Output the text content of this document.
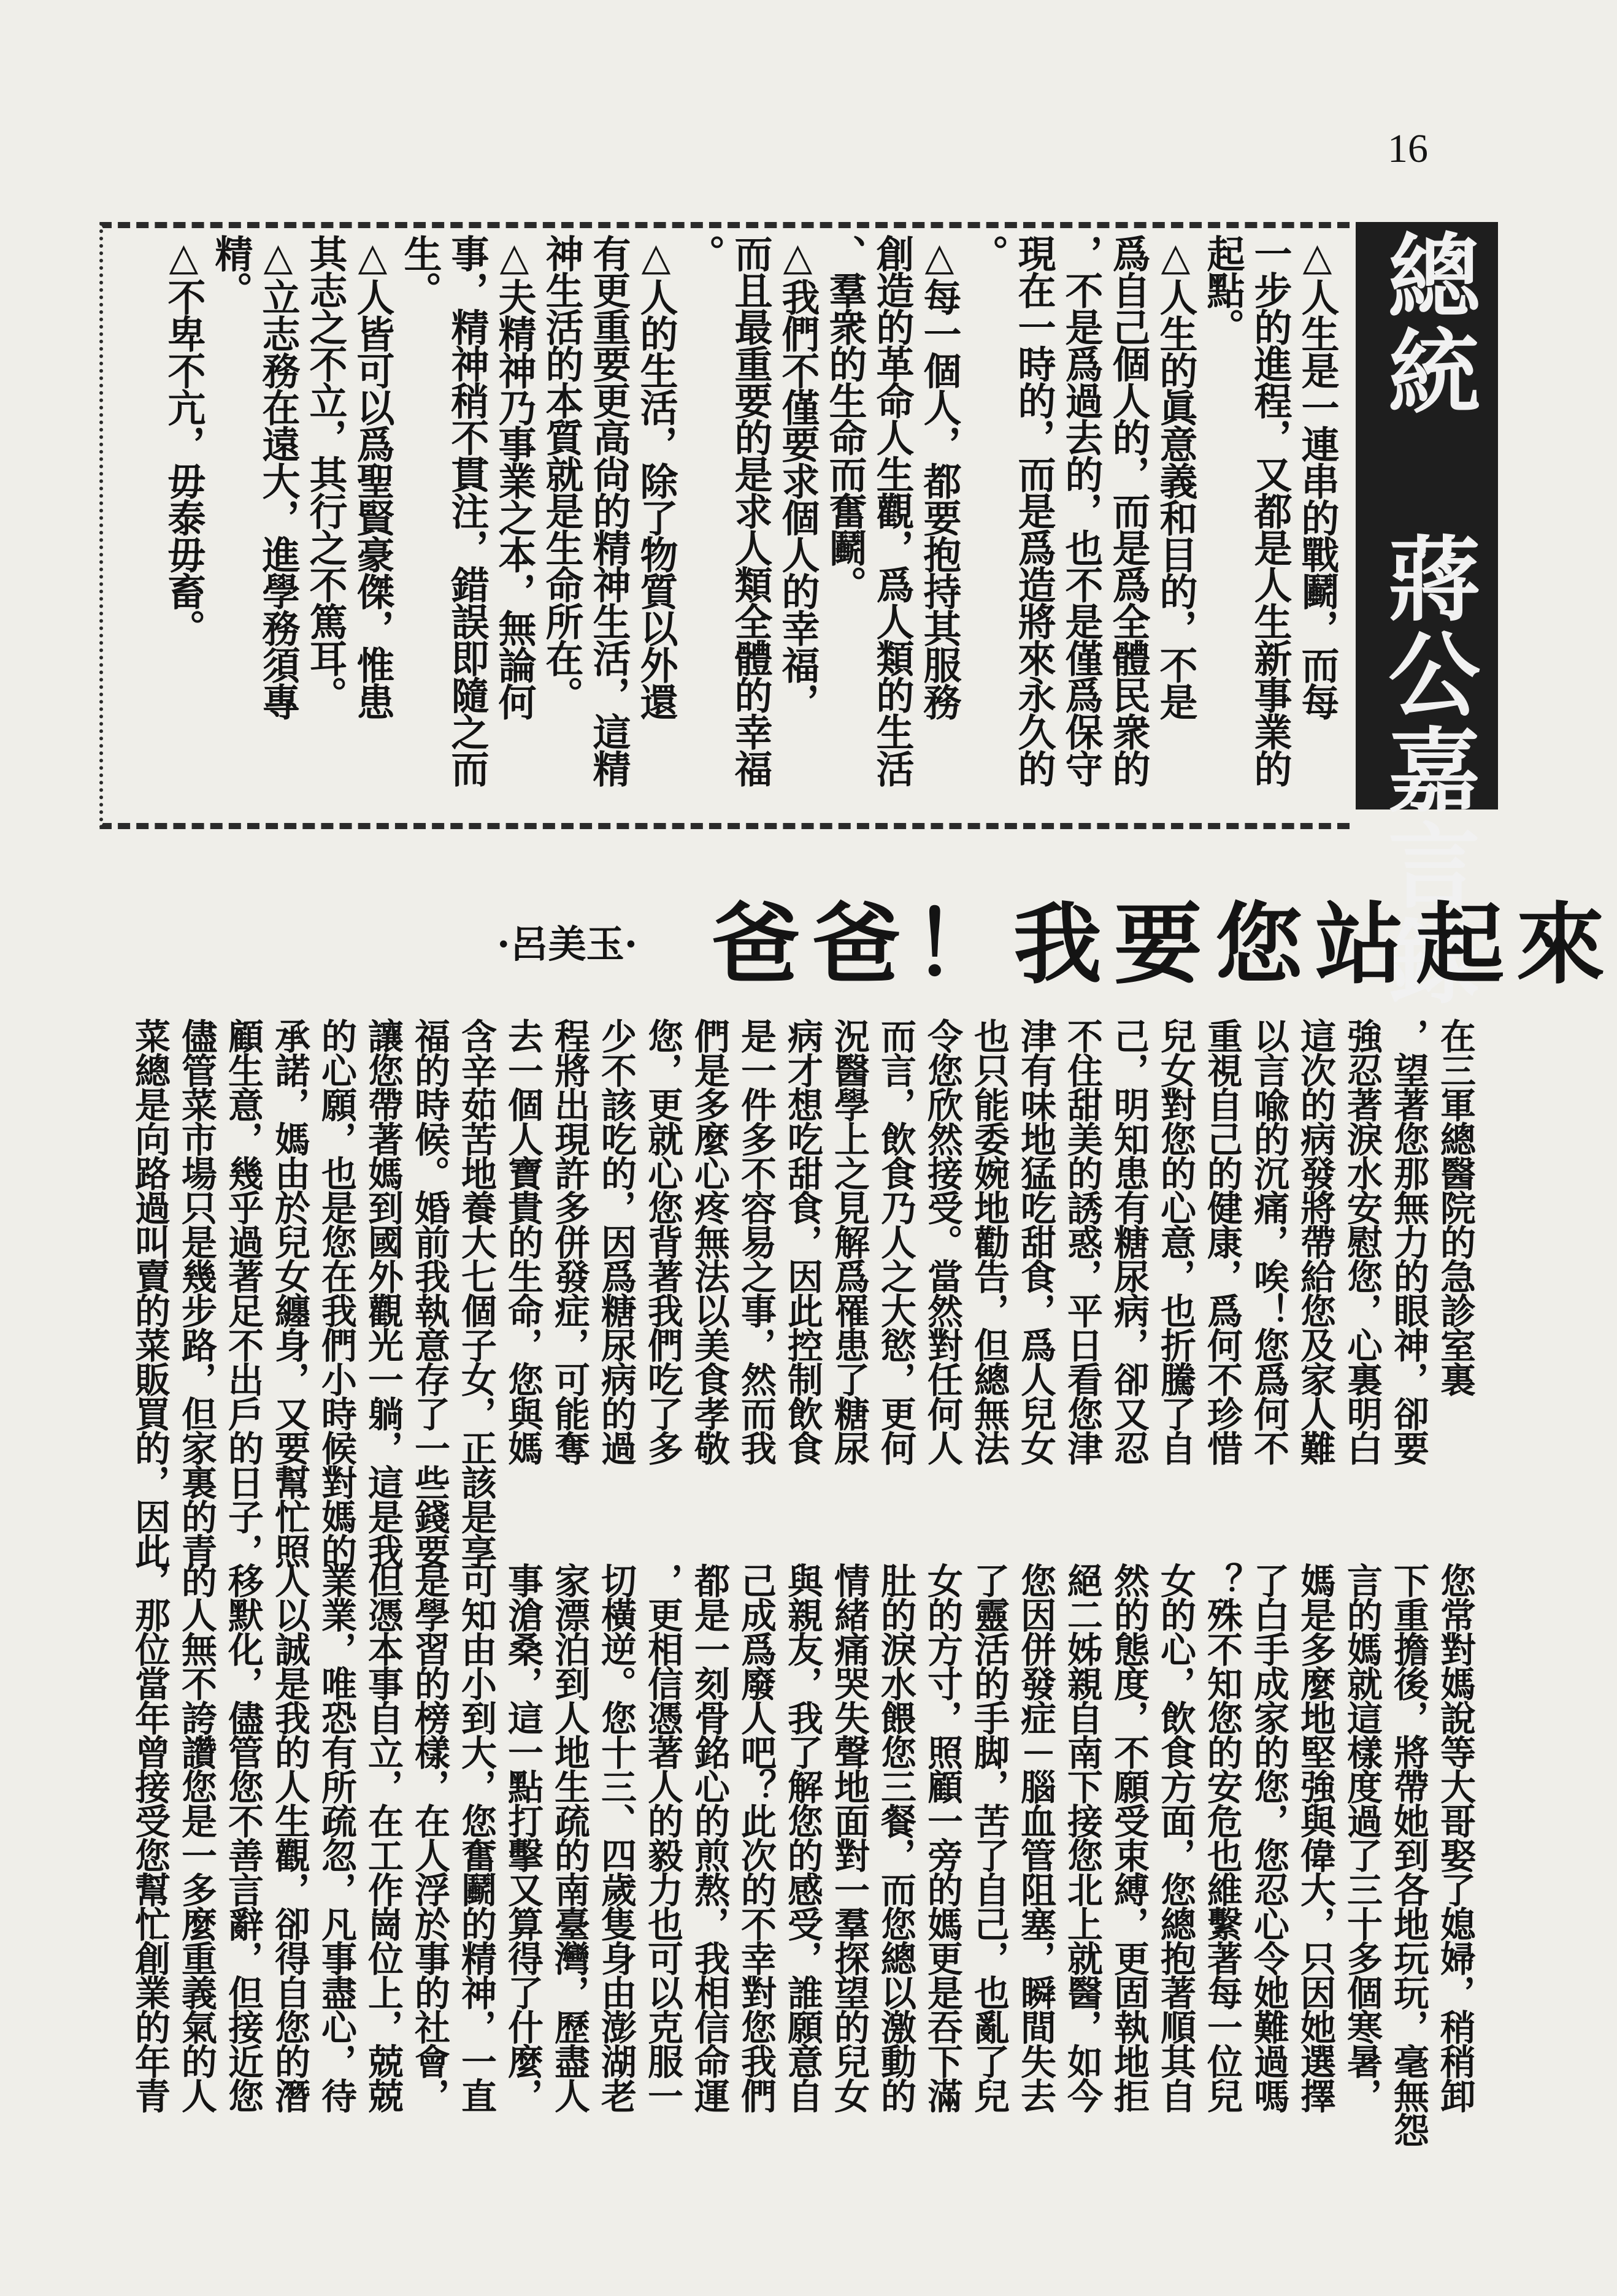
16
總統 蔣公嘉言錄
△人生是一連串的戰鬬，而每
一步的進程，又都是人生新事業的
起點。
△人生的眞意義和目的，不是
爲自己個人的，而是爲全體民衆的
，不是爲過去的，也不是僅爲保守
現在一時的，而是爲造將來永久的
。
△每一個人，都要抱持其服務
創造的革命人生觀，爲人類的生活
、羣衆的生命而奮鬬。
△我們不僅要求個人的幸福，
而且最重要的是求人類全體的幸福
。
△人的生活，除了物質以外還
有更重要更高尙的精神生活，這精
神生活的本質就是生命所在。
△夫精神乃事業之本，無論何
事，精神稍不貫注，錯誤即隨之而
生。
△人皆可以爲聖賢豪傑，惟患
其志之不立，其行之不篤耳。
△立志務在遠大，進學務須專
精。
△不卑不亢，毋泰毋畜。
爸爸！我要您站起來
·呂美玉·
在三軍總醫院的急診室裏
，望著您那無力的眼神，卻要
強忍著淚水安慰您，心裏明白
這次的病發將帶給您及家人難
以言喩的沉痛，唉！您爲何不
重視自己的健康，爲何不珍惜
兒女對您的心意，也折騰了自
己，明知患有糖尿病，卻又忍
不住甜美的誘惑，平日看您津
津有味地猛吃甜食，爲人兒女
也只能委婉地勸告，但總無法
令您欣然接受。當然對任何人
而言，飲食乃人之大慾，更何
況醫學上之見解爲罹患了糖尿
病才想吃甜食，因此控制飲食
是一件多不容易之事，然而我
們是多麼心疼無法以美食孝敬
您，更就心您背著我們吃了多
少不該吃的，因爲糖尿病的過
程將出現許多併發症，可能奪
去一個人寶貴的生命，您與媽
含辛茹苦地養大七個子女，正該是享
福的時候。婚前我執意存了一些錢要
讓您帶著媽到國外觀光一躺，這是我
的心願，也是您在我們小時候對媽的
承諾，媽由於兒女纏身，又要幫忙照
顧生意，幾乎過著足不出戶的日子，
儘管菜市場只是幾步路，但家裏的青
菜總是向路過叫賣的菜販買的，因此
您常對媽說等大哥娶了媳婦，稍稍卸
下重擔後，將帶她到各地玩玩，毫無怨
言的媽就這樣度過了三十多個寒暑，
媽是多麼地堅強與偉大，只因她選擇
了白手成家的您，您忍心令她難過嗎
？殊不知您的安危也維繫著每一位兒
女的心，飲食方面，您總抱著順其自
然的態度，不願受束縛，更固執地拒
絕二姊親自南下接您北上就醫，如今
您因併發症－腦血管阻塞，瞬間失去
了靈活的手脚，苦了自己，也亂了兒
女的方寸，照顧一旁的媽更是吞下滿
肚的淚水餵您三餐，而您總以激動的
情緒痛哭失聲地面對一羣探望的兒女
與親友，我了解您的感受，誰願意自
己成爲廢人吧？此次的不幸對您我們
都是一刻骨銘心的煎熬，我相信命運
，更相信憑著人的毅力也可以克服一
切橫逆。您十三、四歲隻身由澎湖老
家漂泊到人地生疏的南臺灣，歷盡人
事滄桑，這一點打擊又算得了什麼，
可知由小到大，您奮鬬的精神，一直
是學習的榜樣，在人浮於事的社會，
但憑本事自立，在工作崗位上，兢兢
業業，唯恐有所疏忽，凡事盡心，待
人以誠是我的人生觀，卻得自您的潛
移默化，儘管您不善言辭，但接近您
的人無不誇讚您是一多麼重義氣的人
，那位當年曾接受您幫忙創業的年青
